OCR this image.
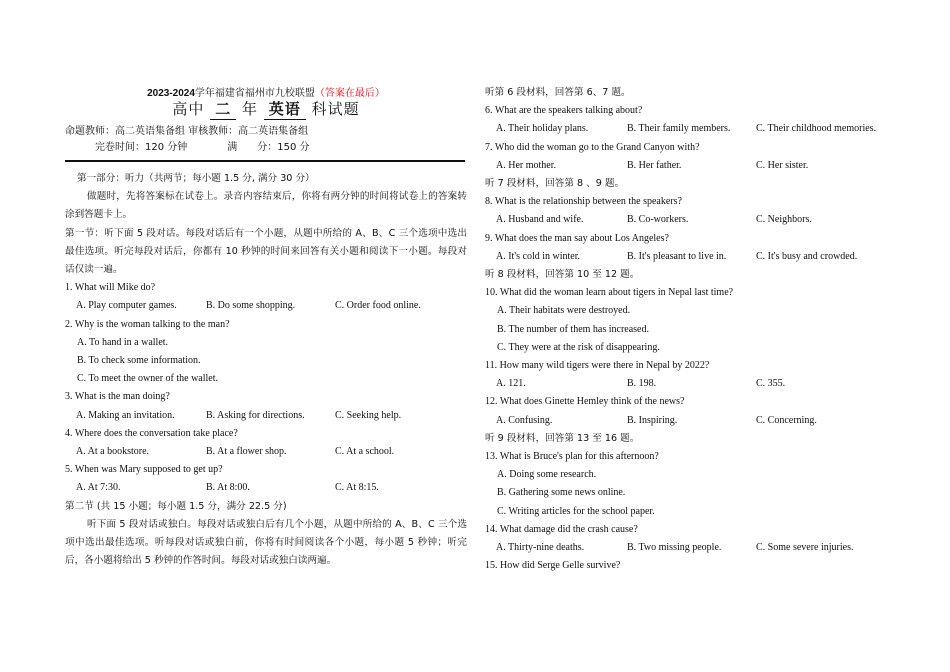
2023-2024学年福建省福州市九校联盟（答案在最后）
高中 二 年 英语 科试题
命题教师：高二英语集备组 审核教师：高二英语集备组
完卷时间：120 分钟	满　　分：150 分
第一部分：听力（共两节；每小题 1.5 分, 满分 30 分）
做题时，先将答案标在试卷上。录音内容结束后，你将有两分钟的时间将试卷上的答案转涂到答题卡上。
第一节：听下面 5 段对话。每段对话后有一个小题，从题中所给的 A、B、C 三个选项中选出最佳选项。听完每段对话后，你都有 10 秒钟的时间来回答有关小题和阅读下一小题。每段对话仅读一遍。
1. What will Mike do?
A. Play computer games.	B. Do some shopping.	C. Order food online.
2. Why is the woman talking to the man?
A. To hand in a wallet.
B. To check some information.
C. To meet the owner of the wallet.
3. What is the man doing?
A. Making an invitation.	B. Asking for directions.	C. Seeking help.
4. Where does the conversation take place?
A. At a bookstore.	B. At a flower shop.	C. At a school.
5. When was Mary supposed to get up?
A. At 7:30.	B. At 8:00.	C. At 8:15.
第二节 (共 15 小题；每小题 1.5 分，满分 22.5 分)
听下面 5 段对话或独白。每段对话或独白后有几个小题，从题中所给的 A、B、C 三个选项中选出最佳选项。听每段对话或独白前，你将有时间阅读各个小题，每小题 5 秒钟；听完后，各小题将给出 5 秒钟的作答时间。每段对话或独白读两遍。
听第 6 段材料，回答第 6、7 题。
6. What are the speakers talking about?
A. Their holiday plans.	B. Their family members.	C. Their childhood memories.
7. Who did the woman go to the Grand Canyon with?
A. Her mother.	B. Her father.	C. Her sister.
听 7 段材料，回答第 8 、9 题。
8. What is the relationship between the speakers?
A. Husband and wife.	B. Co-workers.	C. Neighbors.
9. What does the man say about Los Angeles?
A. It's cold in winter.	B. It's pleasant to live in.	C. It's busy and crowded.
听 8 段材料，回答第 10 至 12 题。
10. What did the woman learn about tigers in Nepal last time?
A. Their habitats were destroyed.
B. The number of them has increased.
C. They were at the risk of disappearing.
11. How many wild tigers were there in Nepal by 2022?
A. 121.	B. 198.	C. 355.
12. What does Ginette Hemley think of the news?
A. Confusing.	B. Inspiring.	C. Concerning.
听 9 段材料，回答第 13 至 16 题。
13. What is Bruce's plan for this afternoon?
A. Doing some research.
B. Gathering some news online.
C. Writing articles for the school paper.
14. What damage did the crash cause?
A. Thirty-nine deaths.	B. Two missing people.	C. Some severe injuries.
15. How did Serge Gelle survive?
